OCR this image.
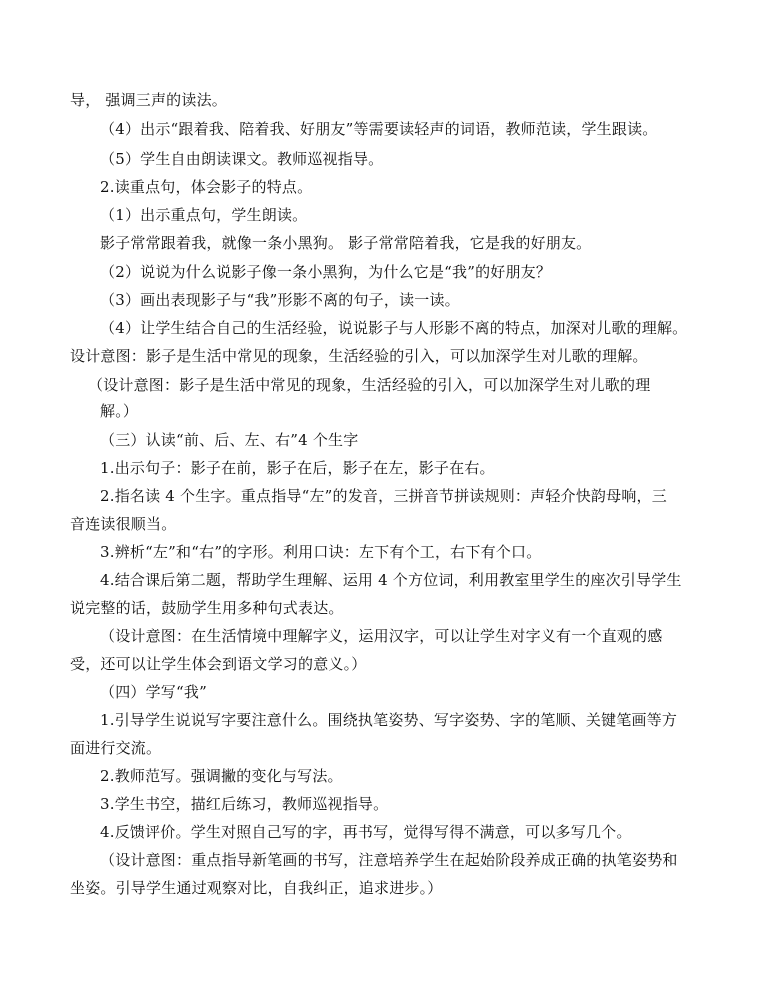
导， 强调三声的读法。
（4）出示“跟着我、陪着我、好朋友”等需要读轻声的词语，教师范读，学生跟读。
（5）学生自由朗读课文。教师巡视指导。
2.读重点句，体会影子的特点。
（1）出示重点句，学生朗读。
影子常常跟着我，就像一条小黑狗。 影子常常陪着我，它是我的好朋友。
（2）说说为什么说影子像一条小黑狗，为什么它是“我”的好朋友？
（3）画出表现影子与“我”形影不离的句子，读一读。
（4）让学生结合自己的生活经验，说说影子与人形影不离的特点，加深对儿歌的理解。
设计意图：影子是生活中常见的现象，生活经验的引入，可以加深学生对儿歌的理解。
（设计意图：影子是生活中常见的现象，生活经验的引入，可以加深学生对儿歌的理
解。）
（三）认读“前、后、左、右”4 个生字
1.出示句子：影子在前，影子在后，影子在左，影子在右。
2.指名读 4 个生字。重点指导“左”的发音，三拼音节拼读规则：声轻介快韵母响，三
音连读很顺当。
3.辨析“左”和“右”的字形。利用口诀：左下有个工，右下有个口。
4.结合课后第二题，帮助学生理解、运用 4 个方位词，利用教室里学生的座次引导学生
说完整的话，鼓励学生用多种句式表达。
（设计意图：在生活情境中理解字义，运用汉字，可以让学生对字义有一个直观的感
受，还可以让学生体会到语文学习的意义。）
（四）学写“我”
1.引导学生说说写字要注意什么。围绕执笔姿势、写字姿势、字的笔顺、关键笔画等方
面进行交流。
2.教师范写。强调撇的变化与写法。
3.学生书空，描红后练习，教师巡视指导。
4.反馈评价。学生对照自己写的字，再书写，觉得写得不满意，可以多写几个。
（设计意图：重点指导新笔画的书写，注意培养学生在起始阶段养成正确的执笔姿势和
坐姿。引导学生通过观察对比，自我纠正，追求进步。）
